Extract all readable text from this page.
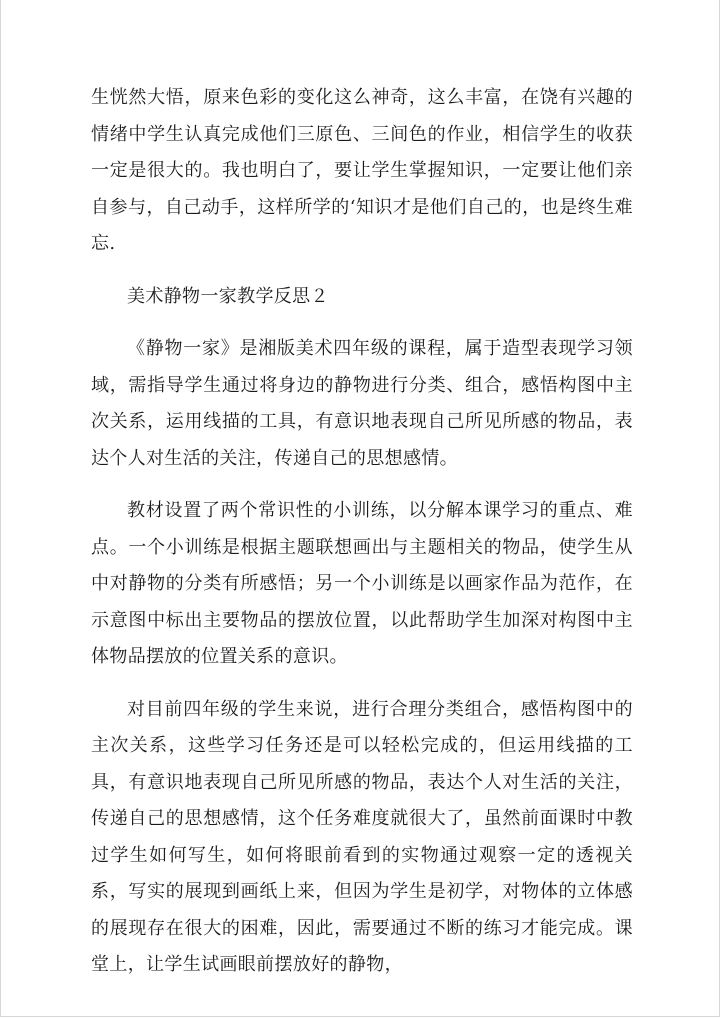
生恍然大悟，原来色彩的变化这么神奇，这么丰富，在饶有兴趣的情绪中学生认真完成他们三原色、三间色的作业，相信学生的收获一定是很大的。我也明白了，要让学生掌握知识，一定要让他们亲自参与，自己动手，这样所学的‘知识才是他们自己的，也是终生难忘.

美术静物一家教学反思２

《静物一家》是湘版美术四年级的课程，属于造型表现学习领域，需指导学生通过将身边的静物进行分类、组合，感悟构图中主次关系，运用线描的工具，有意识地表现自己所见所感的物品，表达个人对生活的关注，传递自己的思想感情。

教材设置了两个常识性的小训练，以分解本课学习的重点、难点。一个小训练是根据主题联想画出与主题相关的物品，使学生从中对静物的分类有所感悟；另一个小训练是以画家作品为范作，在示意图中标出主要物品的摆放位置，以此帮助学生加深对构图中主体物品摆放的位置关系的意识。

对目前四年级的学生来说，进行合理分类组合，感悟构图中的主次关系，这些学习任务还是可以轻松完成的，但运用线描的工具，有意识地表现自己所见所感的物品，表达个人对生活的关注，传递自己的思想感情，这个任务难度就很大了，虽然前面课时中教过学生如何写生，如何将眼前看到的实物通过观察一定的透视关系，写实的展现到画纸上来，但因为学生是初学，对物体的立体感的展现存在很大的困难，因此，需要通过不断的练习才能完成。课堂上，让学生试画眼前摆放好的静物，
